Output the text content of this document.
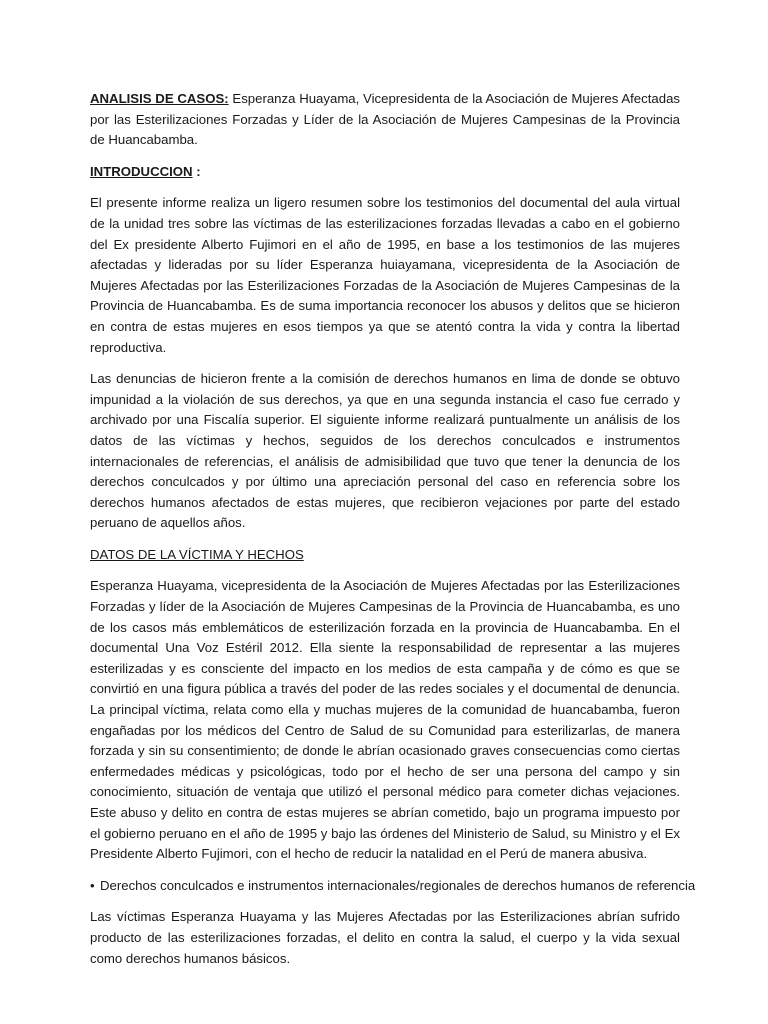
ANALISIS DE CASOS: Esperanza Huayama, Vicepresidenta de la Asociación de Mujeres Afectadas por las Esterilizaciones Forzadas y Líder de la Asociación de Mujeres Campesinas de la Provincia de Huancabamba.

INTRODUCCION :

El presente informe realiza un ligero resumen sobre los testimonios del documental del aula virtual de la unidad tres sobre las víctimas de las esterilizaciones forzadas llevadas a cabo en el gobierno del Ex presidente Alberto Fujimori en el año de 1995, en base a los testimonios de las mujeres afectadas y lideradas por su líder Esperanza huiayamana, vicepresidenta de la Asociación de Mujeres Afectadas por las Esterilizaciones Forzadas de la Asociación de Mujeres Campesinas de la Provincia de Huancabamba. Es de suma importancia reconocer los abusos y delitos que se hicieron en contra de estas mujeres en esos tiempos ya que se atentó contra la vida y contra la libertad reproductiva.

Las denuncias de hicieron frente a la comisión de derechos humanos en lima de donde se obtuvo impunidad a la violación de sus derechos, ya que en una segunda instancia el caso fue cerrado y archivado por una Fiscalía superior. El siguiente informe realizará puntualmente un análisis de los datos de las víctimas y hechos, seguidos de los derechos conculcados e instrumentos internacionales de referencias, el análisis de admisibilidad que tuvo que tener la denuncia de los derechos conculcados y por último una apreciación personal del caso en referencia sobre los derechos humanos afectados de estas mujeres, que recibieron vejaciones por parte del estado peruano de aquellos años.

DATOS DE LA VÍCTIMA Y HECHOS

Esperanza Huayama, vicepresidenta de la Asociación de Mujeres Afectadas por las Esterilizaciones Forzadas y líder de la Asociación de Mujeres Campesinas de la Provincia de Huancabamba, es uno de los casos más emblemáticos de esterilización forzada en la provincia de Huancabamba. En el documental Una Voz Estéril 2012. Ella siente la responsabilidad de representar a las mujeres esterilizadas y es consciente del impacto en los medios de esta campaña y de cómo es que se convirtió en una figura pública a través del poder de las redes sociales y el documental de denuncia. La principal víctima, relata como ella y muchas mujeres de la comunidad de huancabamba, fueron engañadas por los médicos del Centro de Salud de su Comunidad para esterilizarlas, de manera forzada y sin su consentimiento; de donde le abrían ocasionado graves consecuencias como ciertas enfermedades médicas y psicológicas, todo por el hecho de ser una persona del campo y sin conocimiento, situación de ventaja que utilizó el personal médico para cometer dichas vejaciones. Este abuso y delito en contra de estas mujeres se abrían cometido, bajo un programa impuesto por el gobierno peruano en el año de 1995 y bajo las órdenes del Ministerio de Salud, su Ministro y el Ex Presidente Alberto Fujimori, con el hecho de reducir la natalidad en el Perú de manera abusiva.

• Derechos conculcados e instrumentos internacionales/regionales de derechos humanos de referencia

Las víctimas Esperanza Huayama y las Mujeres Afectadas por las Esterilizaciones abrían sufrido producto de las esterilizaciones forzadas, el delito en contra la salud, el cuerpo y la vida sexual como derechos humanos básicos.
